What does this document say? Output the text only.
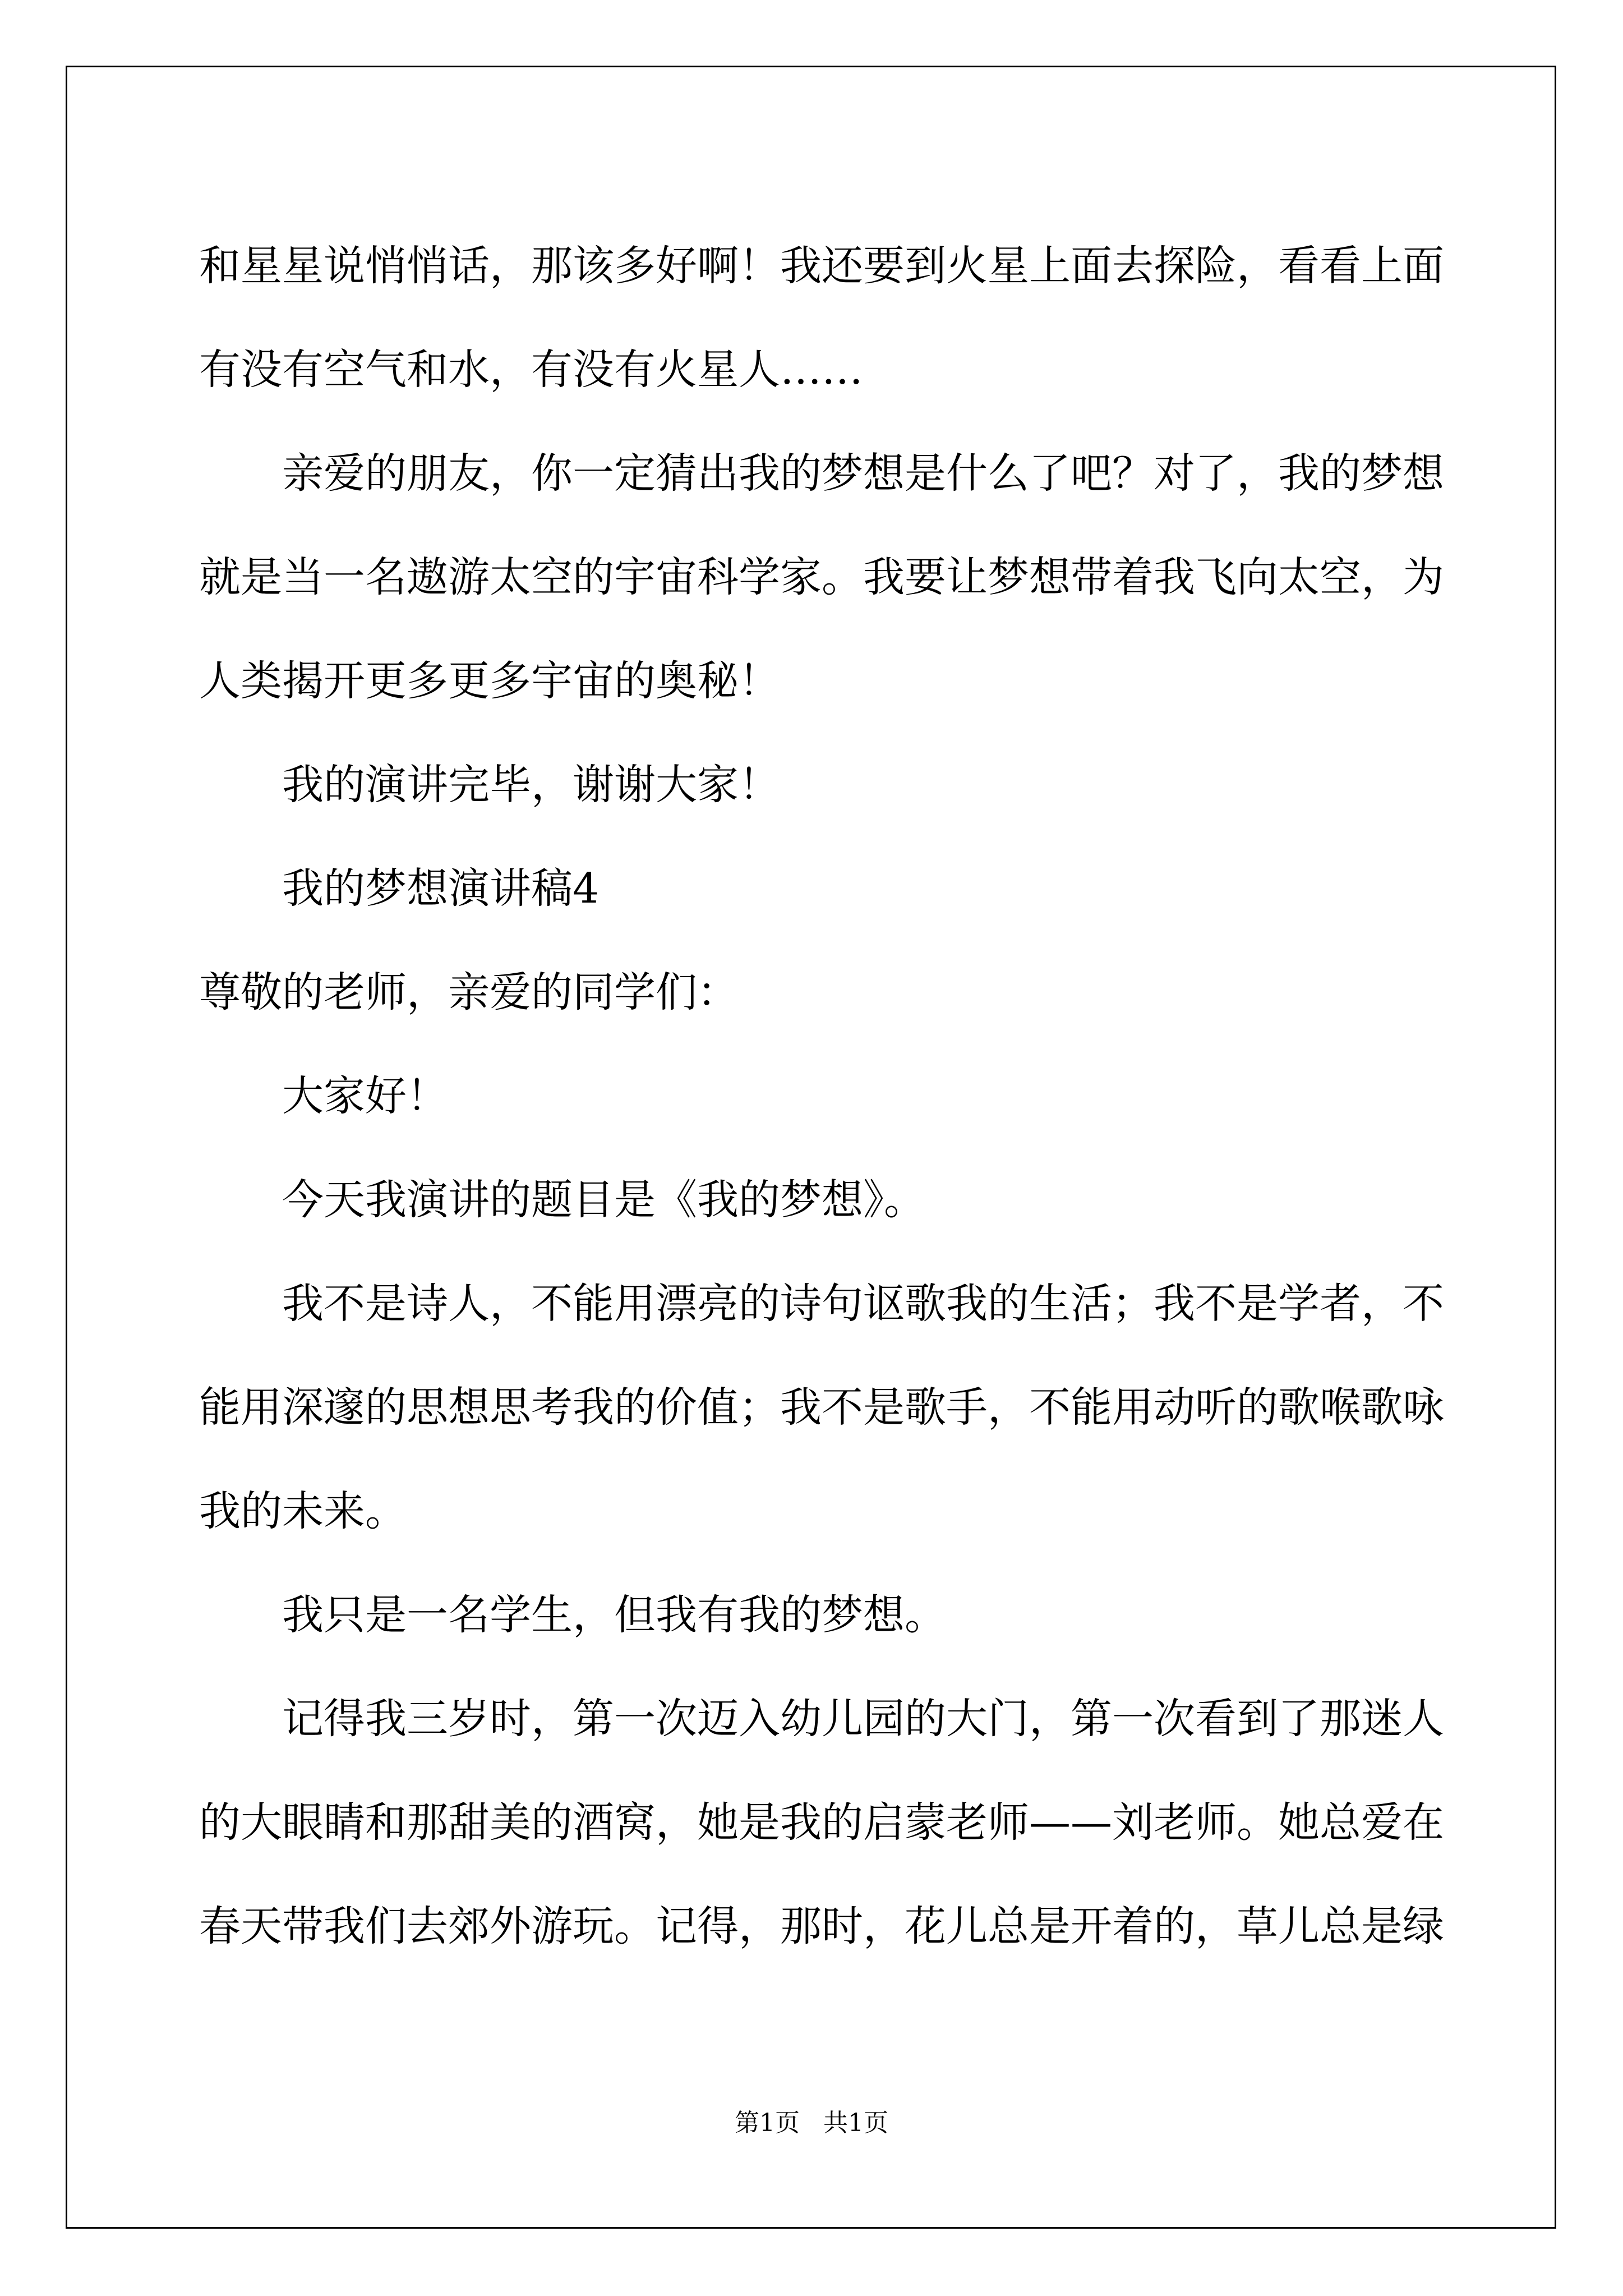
和星星说悄悄话，那该多好啊！我还要到火星上面去探险，看看上面
有没有空气和水，有没有火星人……

亲爱的朋友，你一定猜出我的梦想是什么了吧？对了，我的梦想
就是当一名遨游太空的宇宙科学家。我要让梦想带着我飞向太空，为
人类揭开更多更多宇宙的奥秘！

我的演讲完毕，谢谢大家！

我的梦想演讲稿4

尊敬的老师，亲爱的同学们：

大家好！

今天我演讲的题目是《我的梦想》。

我不是诗人，不能用漂亮的诗句讴歌我的生活；我不是学者，不
能用深邃的思想思考我的价值；我不是歌手，不能用动听的歌喉歌咏
我的未来。

我只是一名学生，但我有我的梦想。

记得我三岁时，第一次迈入幼儿园的大门，第一次看到了那迷人
的大眼睛和那甜美的酒窝，她是我的启蒙老师——刘老师。她总爱在
春天带我们去郊外游玩。记得，那时，花儿总是开着的，草儿总是绿

第1页 共1页
